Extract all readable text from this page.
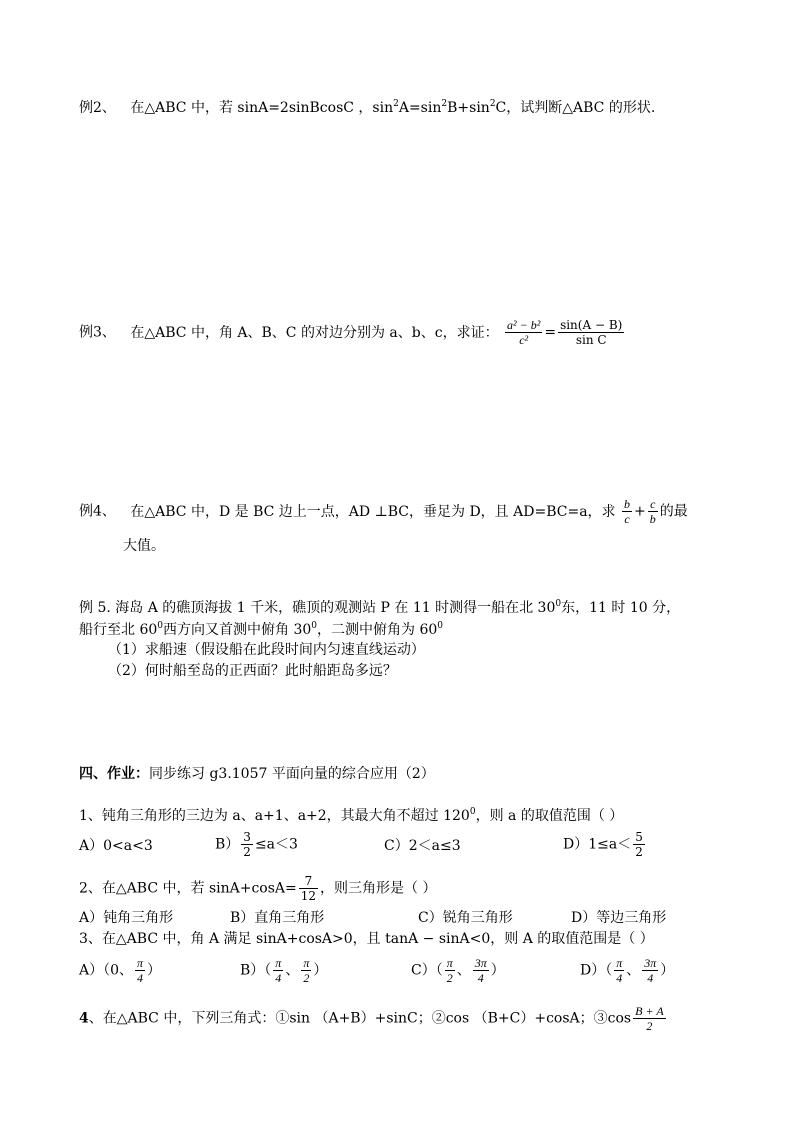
例2、 在△ABC 中，若 sinA=2sinBcosC ，$\sin^2A=\sin^2B+\sin^2C$，试判断△ABC 的形状.
例3、 在△ABC 中，角 A、B、C 的对边分别为 a、b、c，求证： $\frac{\text{a² − b²}}{\text{c²}} = \frac{\sin(A - B)}{\text{sin C}}$
例4、 在△ABC 中，D 是 BC 边上一点，AD ⊥BC，垂足为 D，且 AD=BC=a，求 $\frac{b}{c} + \frac{c}{b}$ 的最
大值。
例 5. 海岛 A 的礁顶海拔 1 千米，礁顶的观测站 P 在 11 时测得一船在北 $30^0$东，11 时 10 分，
船行至北 $60^0$西方向又首测中俯角 $30^0$，二测中俯角为 $60^0$
（1）求船速（假设船在此段时间内匀速直线运动）
（2）何时船至岛的正西面？此时船距岛多远？
四、作业：同步练习 g3.1057 平面向量的综合应用（2）
1、钝角三角形的三边为 a、a+1、a+2，其最大角不超过 $120^0$，则 a 的取值范围（ ）
A）0<a<3	$B) \frac{3}{2} \le a<3$	C）2＜a≤3	$D)1\le a< \frac{5}{2}$
2、在△ABC 中，若 $\sin A+\cos A= \frac{7}{12}$ ，则三角形是（ ）
A）钝角三角形	B）直角三角形	C）锐角三角形	D）等边三角形
3、在△ABC 中，角 A 满足 sinA+cosA>0，且 tanA − sinA<0，则 A 的取值范围是（ ）
A）（0、 $\frac{\pi}{4}$ ）	$B)( \frac{\pi}{4}$ 、 $\frac{\pi}{2}$ ）	$C)( \frac{\pi}{2}$ 、 $\frac{3\pi}{4}$ ）	$D)( \frac{\pi}{4}$ 、 $\frac{3\pi}{4}$ ）
4、在△ABC 中，下列三角式：①sin （A+B）+sinC；②cos （B+C）+cosA；③cos $\frac{B + A}{2}$
